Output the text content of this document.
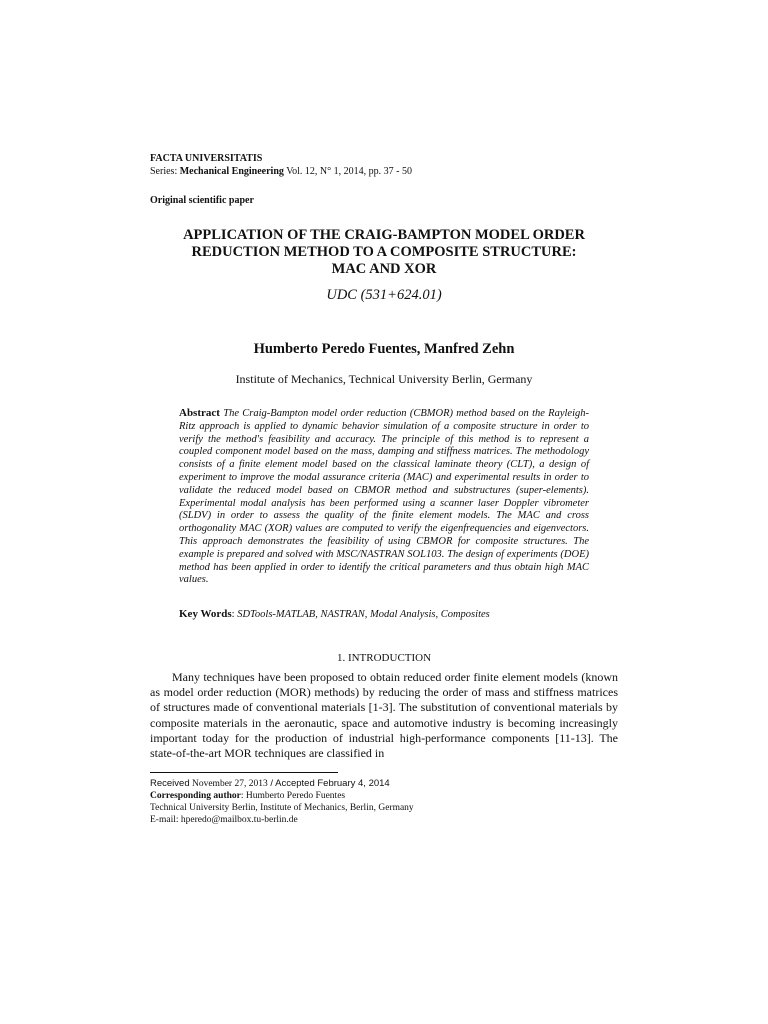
FACTA UNIVERSITATIS
Series: Mechanical Engineering Vol. 12, N° 1, 2014, pp. 37 - 50
Original scientific paper
APPLICATION OF THE CRAIG-BAMPTON MODEL ORDER
REDUCTION METHOD TO A COMPOSITE STRUCTURE:
MAC AND XOR
UDC (531+624.01)
Humberto Peredo Fuentes, Manfred Zehn
Institute of Mechanics, Technical University Berlin, Germany
Abstract The Craig-Bampton model order reduction (CBMOR) method based on the Rayleigh-Ritz approach is applied to dynamic behavior simulation of a composite structure in order to verify the method's feasibility and accuracy. The principle of this method is to represent a coupled component model based on the mass, damping and stiffness matrices. The methodology consists of a finite element model based on the classical laminate theory (CLT), a design of experiment to improve the modal assurance criteria (MAC) and experimental results in order to validate the reduced model based on CBMOR method and substructures (super-elements). Experimental modal analysis has been performed using a scanner laser Doppler vibrometer (SLDV) in order to assess the quality of the finite element models. The MAC and cross orthogonality MAC (XOR) values are computed to verify the eigenfrequencies and eigenvectors. This approach demonstrates the feasibility of using CBMOR for composite structures. The example is prepared and solved with MSC/NASTRAN SOL103. The design of experiments (DOE) method has been applied in order to identify the critical parameters and thus obtain high MAC values.
Key Words: SDTools-MATLAB, NASTRAN, Modal Analysis, Composites
1. INTRODUCTION
Many techniques have been proposed to obtain reduced order finite element models (known as model order reduction (MOR) methods) by reducing the order of mass and stiffness matrices of structures made of conventional materials [1-3]. The substitution of conventional materials by composite materials in the aeronautic, space and automotive industry is becoming increasingly important today for the production of industrial high-performance components [11-13]. The state-of-the-art MOR techniques are classified in
Received November 27, 2013 / Accepted February 4, 2014
Corresponding author: Humberto Peredo Fuentes
Technical University Berlin, Institute of Mechanics, Berlin, Germany
E-mail: hperedo@mailbox.tu-berlin.de
